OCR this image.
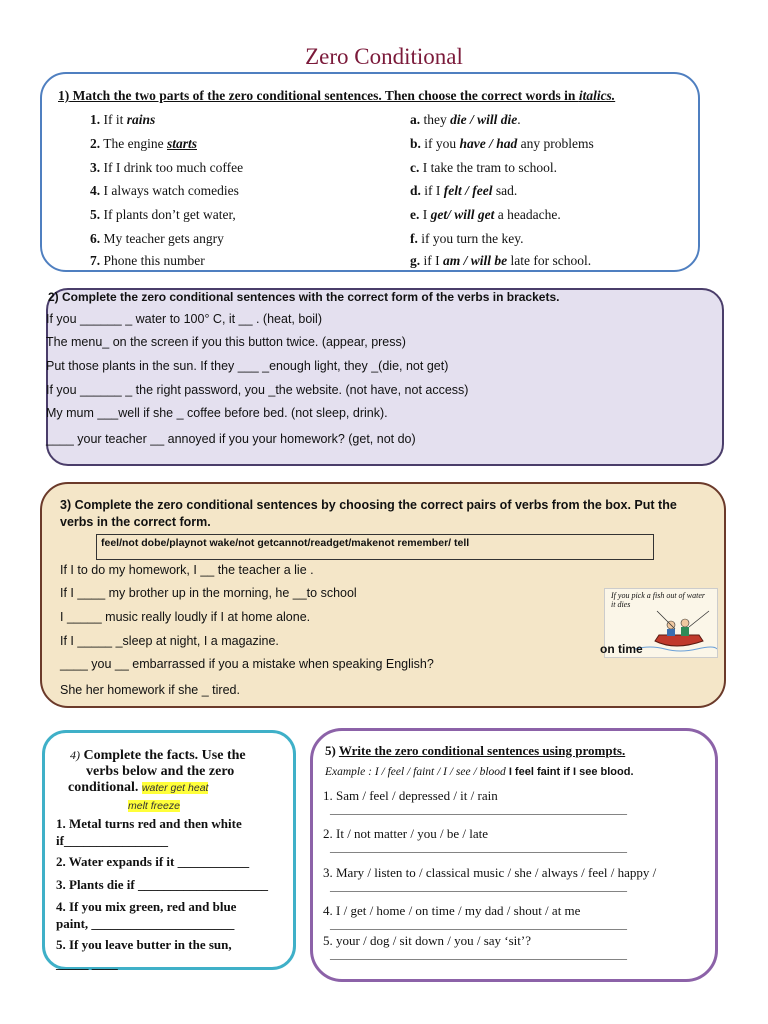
Zero Conditional
1) Match the two parts of the zero conditional sentences. Then choose the correct words in italics.
1. If it rains
2. The engine starts
3. If I drink too much coffee
4. I always watch comedies
5. If plants don’t get water,
6. My teacher gets angry
7. Phone this number
a. they die / will die.
b. if you have / had any problems
c. I take the tram to school.
d. if I felt / feel sad.
e. I get/ will get a headache.
f. if you turn the key.
g. if I am / will be late for school.
2) Complete the zero conditional sentences with the correct form of the verbs in brackets.
If you ______ _ water to 100° C, it __ . (heat, boil)
The menu_ on the screen if you this button twice. (appear, press)
Put those plants in the sun. If they ___ _enough light, they _(die, not get)
If you ______ _ the right password, you _the website. (not have, not access)
My mum ___well if she _ coffee before bed. (not sleep, drink).
____ your teacher __ annoyed if you your homework? (get, not do)
3) Complete the zero conditional sentences by choosing the correct pairs of verbs from the box. Put the
verbs in the correct form.
feel/not dobe/playnot wake/not getcannot/readget/makenot remember/ tell
If I to do my homework, I __ the teacher a lie .
If I ____ my brother up in the morning, he __to school
I _____ music really loudly if I at home alone.
If I _____ _sleep at night, I a magazine.
____ you __ embarrassed if you a mistake when speaking English?
She her homework if she _ tired.
If you pick a fish out of water it dies
on time
4) Complete the facts. Use the
verbs below and the zero
conditional. water get heat
melt freeze
1. Metal turns red and then white
if________________
2. Water expands if it ___________
3. Plants die if ____________________
4. If you mix green, red and blue
paint, ______________________
5. If you leave butter in the sun,
_____ ____
5) Write the zero conditional sentences using prompts.
Example : I / feel / faint / I / see / blood I feel faint if I see blood.
1. Sam / feel / depressed / it / rain
______________________________________________________
2. It / not matter / you / be / late
______________________________________________________
3. Mary / listen to / classical music / she / always / feel / happy /
______________________________________________________
4. I / get / home / on time / my dad / shout / at me
______________________________________________________
5. your / dog / sit down / you / say ‘sit’?
______________________________________________________
